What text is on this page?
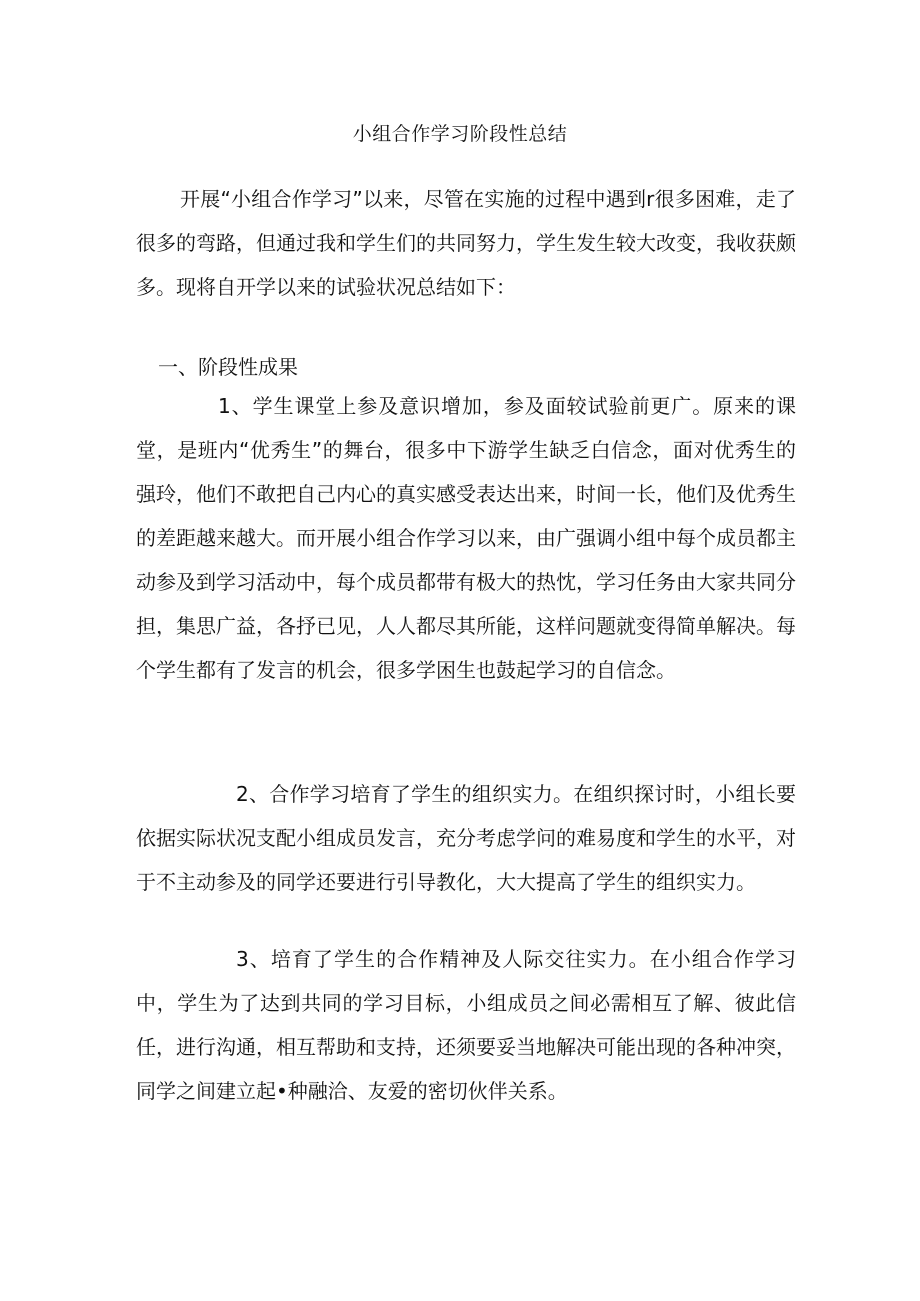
小组合作学习阶段性总结

开展“小组合作学习”以来，尽管在实施的过程中遇到r很多困难，走了很多的弯路，但通过我和学生们的共同努力，学生发生较大改变，我收获颇多。现将自开学以来的试验状况总结如下：

一、阶段性成果

1、学生课堂上参及意识增加，参及面较试验前更广。原来的课堂，是班内“优秀生”的舞台，很多中下游学生缺乏白信念，面对优秀生的强玲，他们不敢把自己内心的真实感受表达出来，时间一长，他们及优秀生的差距越来越大。而开展小组合作学习以来，由广强调小组中每个成员都主动参及到学习活动中，每个成员都带有极大的热忱，学习任务由大家共同分担，集思广益，各抒已见，人人都尽其所能，这样问题就变得简单解决。每个学生都有了发言的机会，很多学困生也鼓起学习的自信念。

2、合作学习培育了学生的组织实力。在组织探讨时，小组长要依据实际状况支配小组成员发言，充分考虑学问的难易度和学生的水平，对于不主动参及的同学还要进行引导教化，大大提高了学生的组织实力。

3、培育了学生的合作精神及人际交往实力。在小组合作学习中，学生为了达到共同的学习目标，小组成员之间必需相互了解、彼此信任，进行沟通，相互帮助和支持，还须要妥当地解决可能出现的各种冲突，同学之间建立起•种融洽、友爱的密切伙伴关系。
